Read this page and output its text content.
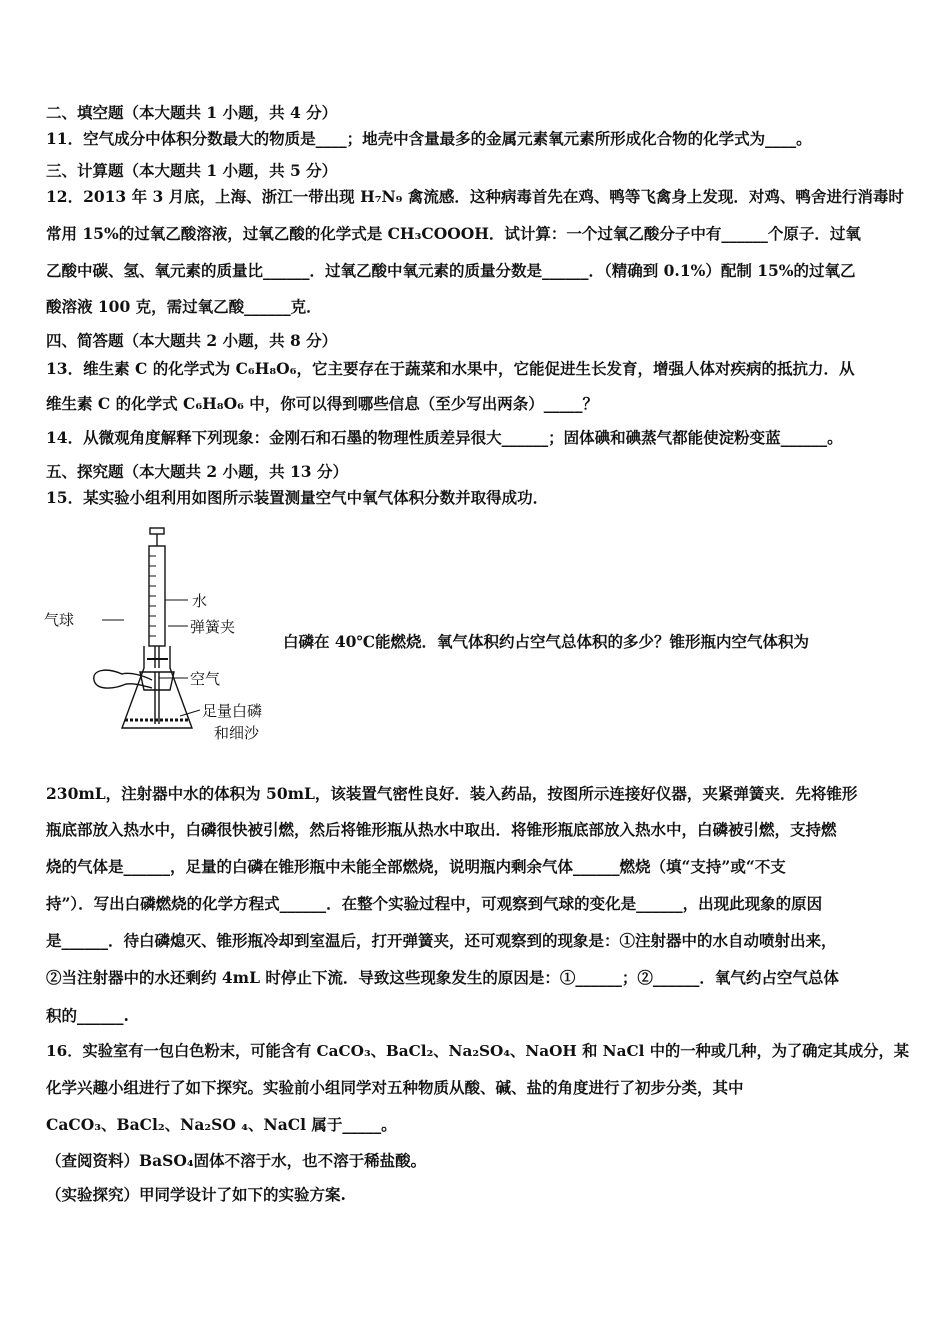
二、填空题（本大题共 1 小题，共 4 分）
11．空气成分中体积分数最大的物质是____；地壳中含量最多的金属元素氧元素所形成化合物的化学式为____。
三、计算题（本大题共 1 小题，共 5 分）
12．2013 年 3 月底，上海、浙江一带出现 H₇N₉ 禽流感．这种病毒首先在鸡、鸭等飞禽身上发现．对鸡、鸭舍进行消毒时
常用 15%的过氧乙酸溶液，过氧乙酸的化学式是 CH₃COOOH．试计算：一个过氧乙酸分子中有______个原子．过氧
乙酸中碳、氢、氧元素的质量比______．过氧乙酸中氧元素的质量分数是______．（精确到 0.1%）配制 15%的过氧乙
酸溶液 100 克，需过氧乙酸______克．
四、简答题（本大题共 2 小题，共 8 分）
13．维生素 C 的化学式为 C₆H₈O₆，它主要存在于蔬菜和水果中，它能促进生长发育，增强人体对疾病的抵抗力．从
维生素 C 的化学式 C₆H₈O₆ 中，你可以得到哪些信息（至少写出两条）_____？
14．从微观角度解释下列现象：金刚石和石墨的物理性质差异很大______；固体碘和碘蒸气都能使淀粉变蓝______。
五、探究题（本大题共 2 小题，共 13 分）
15．某实验小组利用如图所示装置测量空气中氧气体积分数并取得成功．
气球
水
弹簧夹
空气
足量白磷
和细沙
白磷在 40℃能燃烧．氧气体积约占空气总体积的多少？锥形瓶内空气体积为
230mL，注射器中水的体积为 50mL，该装置气密性良好．装入药品，按图所示连接好仪器，夹紧弹簧夹．先将锥形
瓶底部放入热水中，白磷很快被引燃，然后将锥形瓶从热水中取出．将锥形瓶底部放入热水中，白磷被引燃，支持燃
烧的气体是______，足量的白磷在锥形瓶中未能全部燃烧，说明瓶内剩余气体______燃烧（填“支持”或“不支
持”）．写出白磷燃烧的化学方程式______．在整个实验过程中，可观察到气球的变化是______，出现此现象的原因
是______．待白磷熄灭、锥形瓶冷却到室温后，打开弹簧夹，还可观察到的现象是：①注射器中的水自动喷射出来，
②当注射器中的水还剩约 4mL 时停止下流．导致这些现象发生的原因是：①______；②______．氧气约占空气总体
积的______.
16．实验室有一包白色粉末，可能含有 CaCO₃、BaCl₂、Na₂SO₄、NaOH 和 NaCl 中的一种或几种，为了确定其成分，某
化学兴趣小组进行了如下探究。实验前小组同学对五种物质从酸、碱、盐的角度进行了初步分类，其中
CaCO₃、BaCl₂、Na₂SO ₄、NaCl 属于_____。
（查阅资料）BaSO₄固体不溶于水，也不溶于稀盐酸。
（实验探究）甲同学设计了如下的实验方案.
